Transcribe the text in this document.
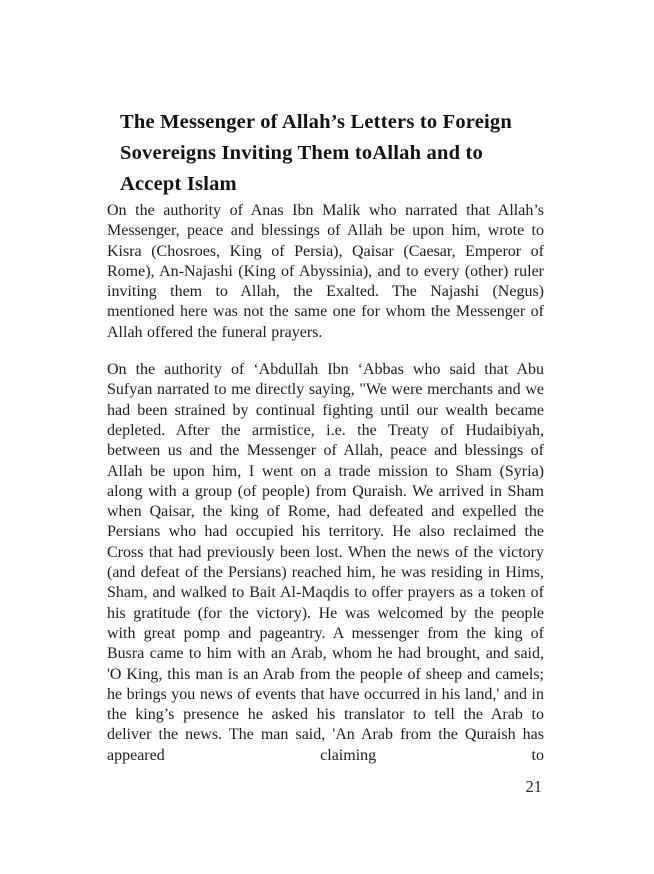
The Messenger of Allah’s Letters to Foreign
Sovereigns Inviting Them toAllah and to
Accept Islam

On the authority of Anas Ibn Malik who narrated that Allah’s Messenger, peace and blessings of Allah be upon him, wrote to Kisra (Chosroes, King of Persia), Qaisar (Caesar, Emperor of Rome), An-Najashi (King of Abyssinia), and to every (other) ruler inviting them to Allah, the Exalted. The Najashi (Negus) mentioned here was not the same one for whom the Messenger of Allah offered the funeral prayers.

On the authority of ‘Abdullah Ibn ‘Abbas who said that Abu Sufyan narrated to me directly saying, "We were merchants and we had been strained by continual fighting until our wealth became depleted. After the armistice, i.e. the Treaty of Hudaibiyah, between us and the Messenger of Allah, peace and blessings of Allah be upon him, I went on a trade mission to Sham (Syria) along with a group (of people) from Quraish. We arrived in Sham when Qaisar, the king of Rome, had defeated and expelled the Persians who had occupied his territory. He also reclaimed the Cross that had previously been lost. When the news of the victory (and defeat of the Persians) reached him, he was residing in Hims, Sham, and walked to Bait Al-Maqdis to offer prayers as a token of his gratitude (for the victory). He was welcomed by the people with great pomp and pageantry. A messenger from the king of Busra came to him with an Arab, whom he had brought, and said, 'O King, this man is an Arab from the people of sheep and camels; he brings you news of events that have occurred in his land,' and in the king’s presence he asked his translator to tell the Arab to deliver the news. The man said, 'An Arab from the Quraish has appeared claiming to

21
